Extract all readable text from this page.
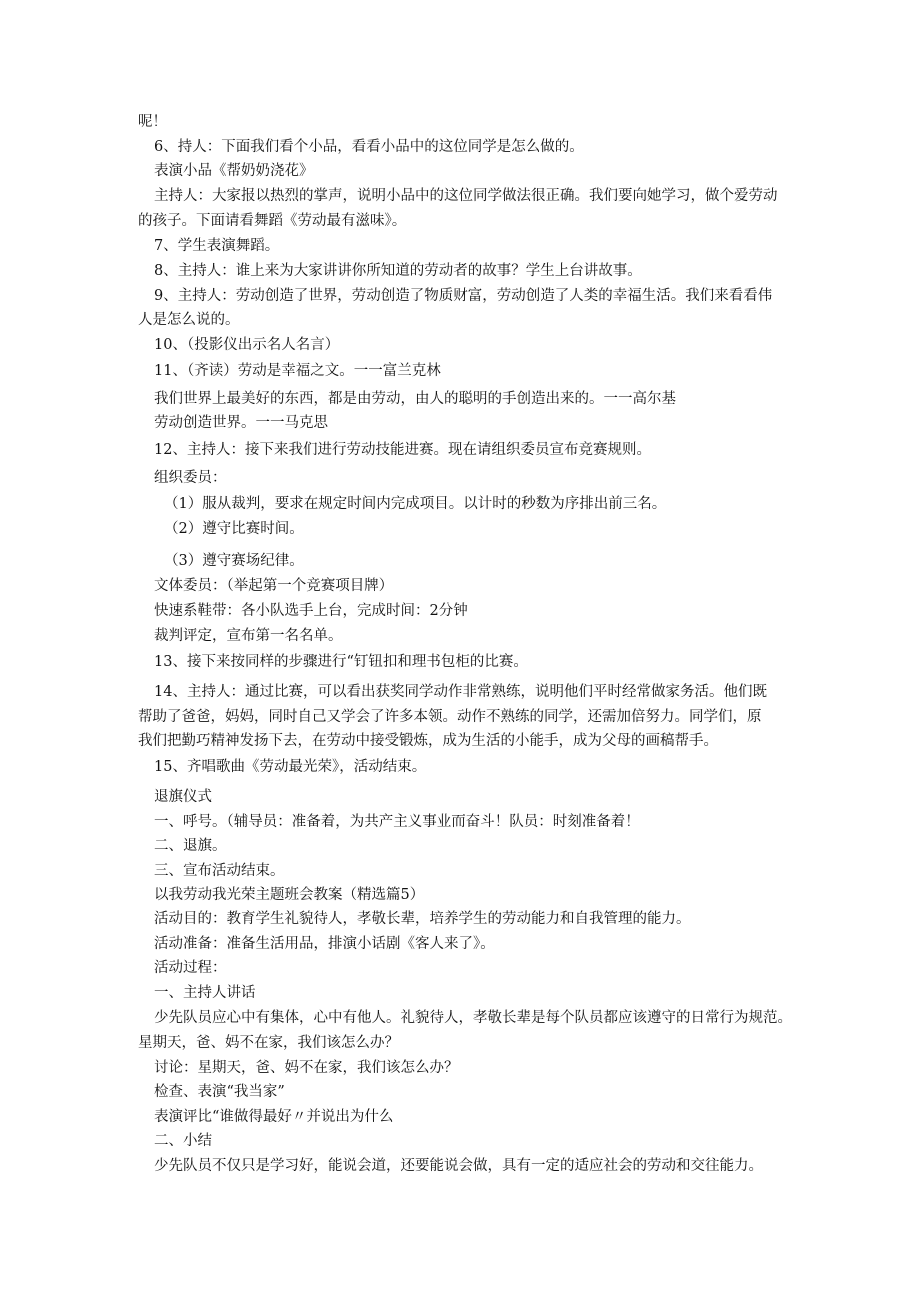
呢！
6、持人：下面我们看个小品，看看小品中的这位同学是怎么做的。
表演小品《帮奶奶浇花》
主持人：大家报以热烈的掌声，说明小品中的这位同学做法很正确。我们要向她学习，做个爱劳动
的孩子。下面请看舞蹈《劳动最有滋味》。
7、学生表演舞蹈。
8、主持人：谁上来为大家讲讲你所知道的劳动者的故事？学生上台讲故事。
9、主持人：劳动创造了世界，劳动创造了物质财富，劳动创造了人类的幸福生活。我们来看看伟
人是怎么说的。
10、（投影仪出示名人名言）
11、（齐读）劳动是幸福之文。一一富兰克林
我们世界上最美好的东西，都是由劳动，由人的聪明的手创造出来的。一一高尔基
劳动创造世界。一一马克思
12、主持人：接下来我们进行劳动技能进赛。现在请组织委员宣布竞赛规则。
组织委员：
（1）服从裁判，要求在规定时间内完成项目。以计时的秒数为序排出前三名。
（2）遵守比赛时间。
（3）遵守赛场纪律。
文体委员：（举起第一个竞赛项目牌）
快速系鞋带：各小队选手上台，完成时间：2分钟
裁判评定，宣布第一名名单。
13、接下来按同样的步骤进行“钉钮扣和理书包柜的比赛。
14、主持人：通过比赛，可以看出获奖同学动作非常熟练，说明他们平时经常做家务活。他们既
帮助了爸爸，妈妈，同时自己又学会了许多本领。动作不熟练的同学，还需加倍努力。同学们，原
我们把勤巧精神发扬下去，在劳动中接受锻炼，成为生活的小能手，成为父母的画稿帮手。
15、齐唱歌曲《劳动最光荣》，活动结束。
退旗仪式
一、呼号。（辅导员：准备着，为共产主义事业而奋斗！队员：时刻准备着！
二、退旗。
三、宣布活动结束。
以我劳动我光荣主题班会教案（精选篇5）
活动目的：教育学生礼貌待人，孝敬长辈，培养学生的劳动能力和自我管理的能力。
活动准备：准备生活用品，排演小话剧《客人来了》。
活动过程：
一、主持人讲话
少先队员应心中有集体，心中有他人。礼貌待人，孝敬长辈是每个队员都应该遵守的日常行为规范。
星期天，爸、妈不在家，我们该怎么办？
讨论：星期天，爸、妈不在家，我们该怎么办？
检查、表演“我当家”
表演评比“谁做得最好〃并说出为什么
二、小结
少先队员不仅只是学习好，能说会道，还要能说会做，具有一定的适应社会的劳动和交往能力。
